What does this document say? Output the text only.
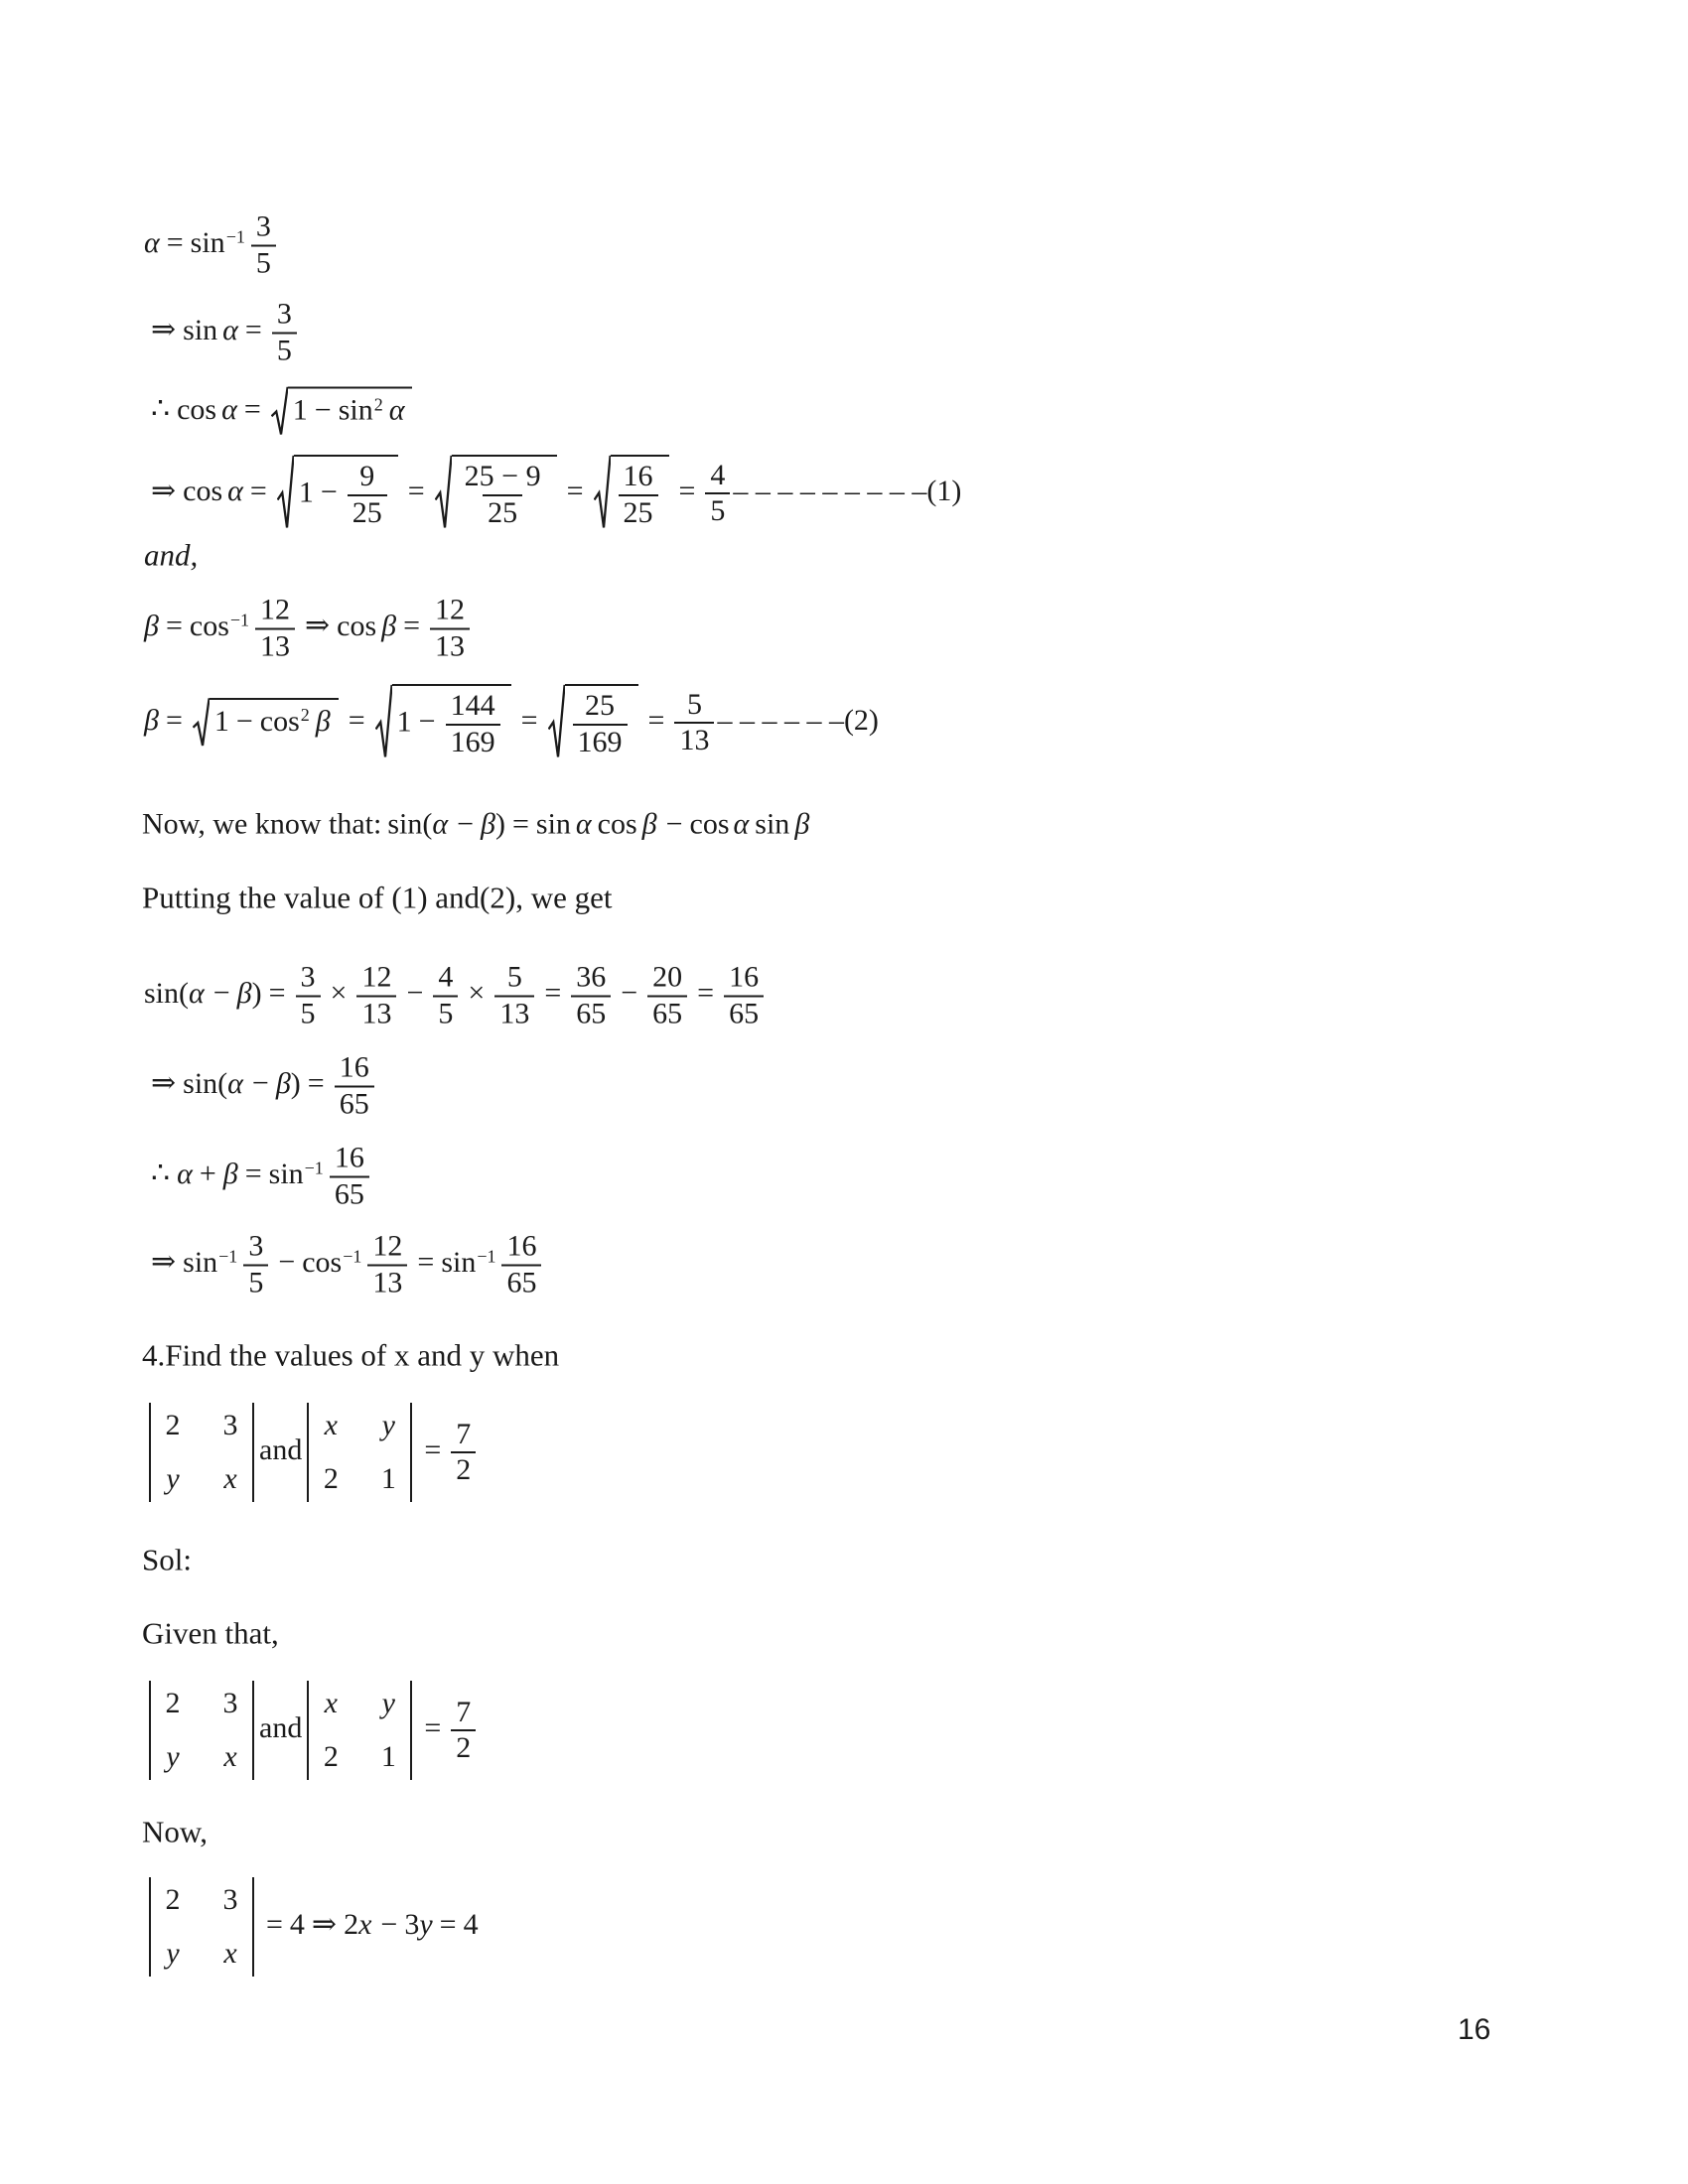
$\alpha = \sin^{-1} \frac{3}{5}$
⇒ $\sin \alpha = \frac{3}{5}$
∴ $\cos \alpha = 1 - \sin^2 \alpha$
⇒ $\cos \alpha = 1 - \frac{9}{25} = \frac{25 - 9}{25} = \frac{16}{25} = \frac{4}{5}$ – – – – – – – – –(1)
and,
$\beta = \cos^{-1} \frac{12}{13}$ ⇒ $\cos \beta = \frac{12}{13}$
$\beta = 1 - \cos^2 \beta = 1 - \frac{144}{169} = \frac{25}{169} = \frac{5}{13}$ – – – – – –(2)
Now, we know that: sin(α − β) = sin α cos β − cos α sin β
Putting the value of (1) and(2), we get
$\sin(\alpha - \beta) = \frac{3}{5} \times \frac{12}{13} - \frac{4}{5} \times \frac{5}{13} = \frac{36}{65} - \frac{20}{65} = \frac{16}{65}$
⇒ $\sin(\alpha - \beta) = \frac{16}{65}$
∴ $\alpha + \beta = \sin^{-1} \frac{16}{65}$
⇒ $\sin^{-1} \frac{3}{5} - \cos^{-1} \frac{12}{13} = \sin^{-1} \frac{16}{65}$
4.Find the values of x and y when
2 3
y x
and
x y
2 1
= $\frac{7}{2}$
Sol:
Given that,
2 3
y x
and
x y
2 1
= $\frac{7}{2}$
Now,
2 3
y x
= 4 ⇒ 2x − 3y = 4
16
